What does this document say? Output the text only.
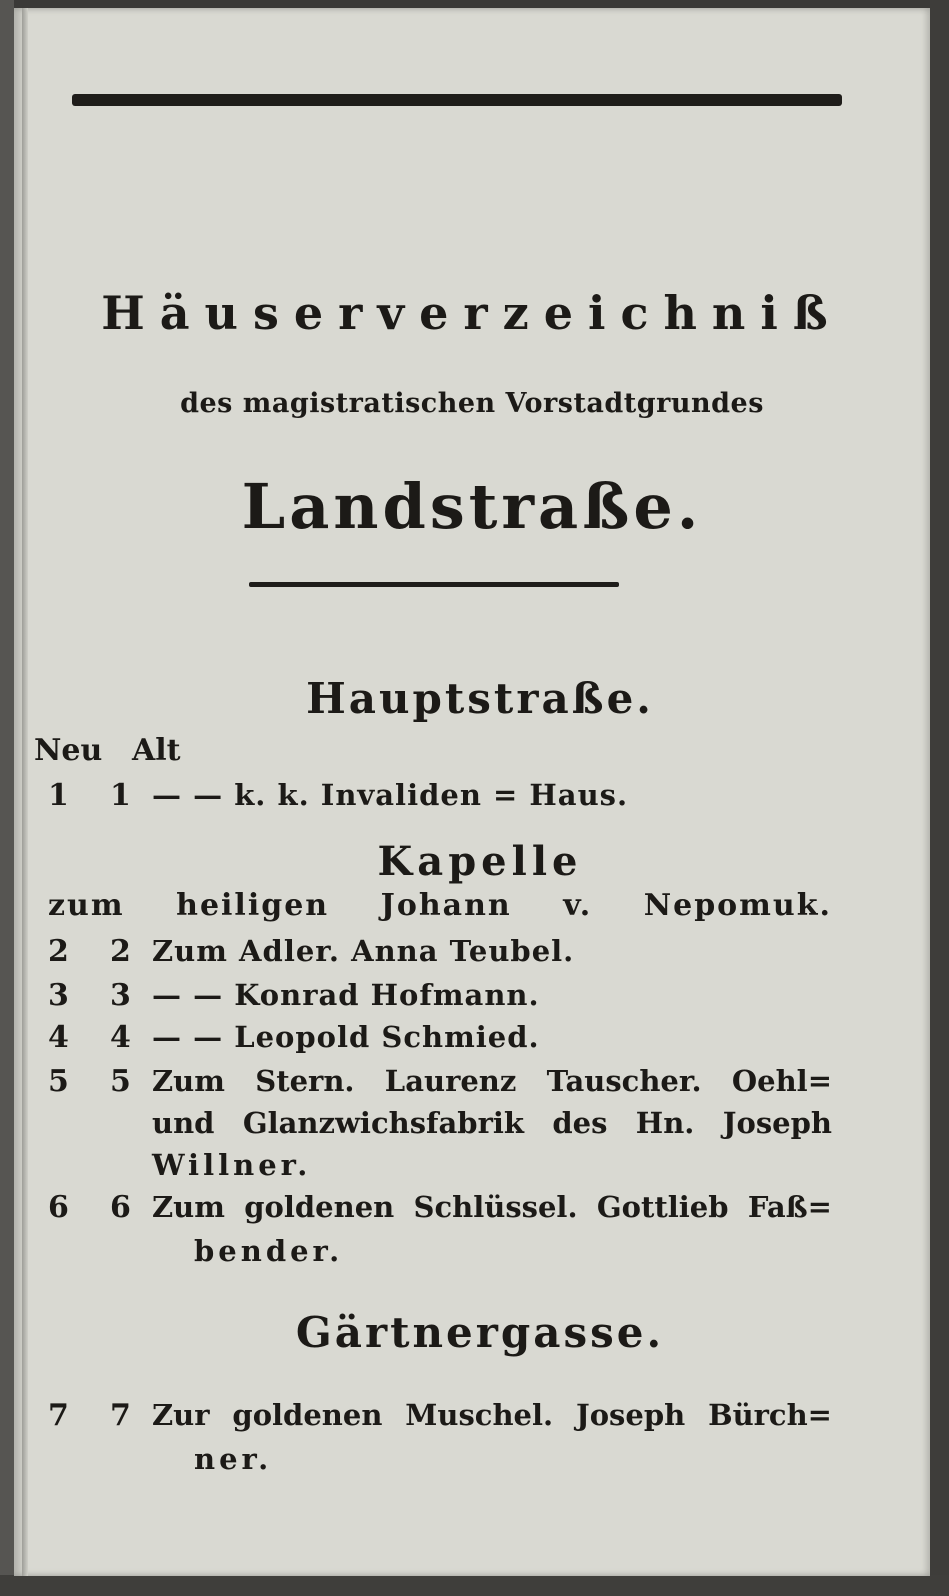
Häuserverzeichniß
des magistratischen Vorstadtgrundes
Landstraße.
Hauptstraße.
Neu Alt
1 1 — — k. k. Invaliden = Haus.
Kapelle
zum heiligen Johann v. Nepomuk.
2 2 Zum Adler. Anna Teubel.
3 3 — — Konrad Hofmann.
4 4 — — Leopold Schmied.
5 5 Zum Stern. Laurenz Tauscher. Oehl=
und Glanzwichsfabrik des Hn. Joseph
Willner.
6 6 Zum goldenen Schlüssel. Gottlieb Faß=
bender.
Gärtnergasse.
7 7 Zur goldenen Muschel. Joseph Bürch=
ner.
